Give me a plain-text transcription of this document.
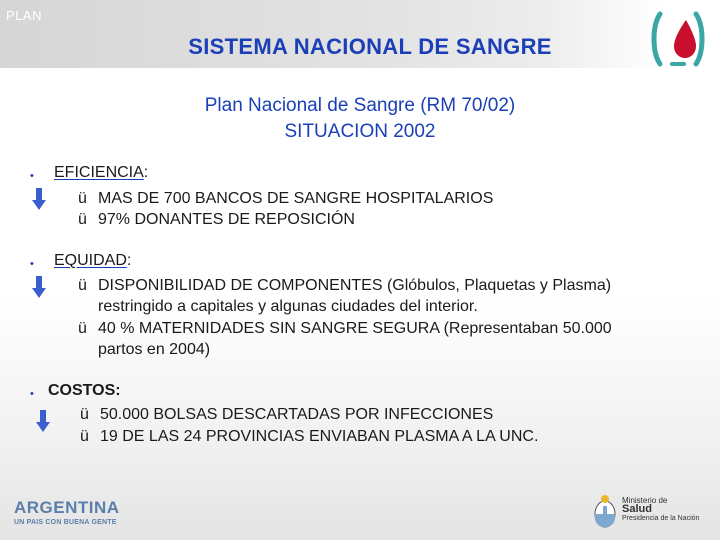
PLAN
SISTEMA NACIONAL DE SANGRE
Plan Nacional de Sangre (RM 70/02)
SITUACION 2002
• EFICIENCIA:
ü MAS DE 700 BANCOS DE SANGRE HOSPITALARIOS
ü 97% DONANTES DE REPOSICIÓN
• EQUIDAD:
ü DISPONIBILIDAD DE COMPONENTES (Glóbulos, Plaquetas y Plasma)
restringido a capitales y algunas ciudades del interior.
ü 40 % MATERNIDADES SIN SANGRE SEGURA (Representaban 50.000
partos en 2004)
• COSTOS:
ü 50.000 BOLSAS DESCARTADAS POR INFECCIONES
ü 19 DE LAS 24 PROVINCIAS ENVIABAN PLASMA A LA UNC.
ARGENTINA
UN PAIS CON BUENA GENTE
Ministerio de
Salud
Presidencia de la Nación
